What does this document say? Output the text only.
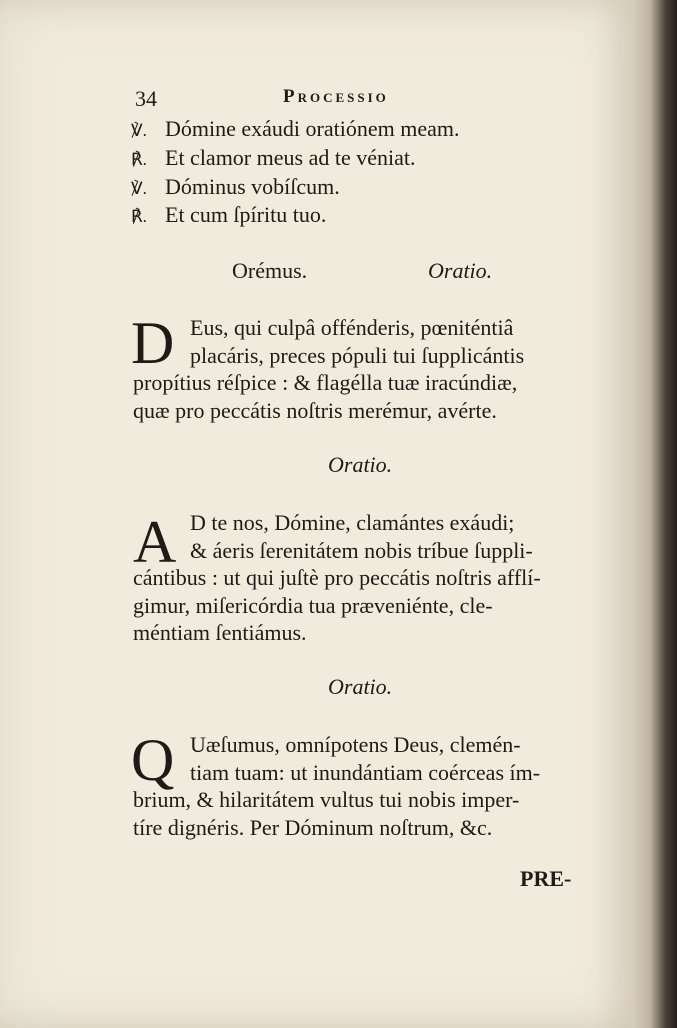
34	Processio
℣. Dómine exáudi oratiónem meam.
℟. Et clamor meus ad te véniat.
℣. Dóminus vobíſcum.
℟. Et cum ſpíritu tuo.
Orémus.	Oratio.
D Eus, qui culpâ offénderis, pœniténtiâ
placáris, preces pópuli tui ſupplicántis
propítius réſpice : & flagélla tuæ iracúndiæ,
quæ pro peccátis noſtris merémur, avérte.
Oratio.
A D te nos, Dómine, clamántes exáudi;
& áeris ſerenitátem nobis tríbue ſuppli-
cántibus : ut qui juſtè pro peccátis noſtris afflí-
gimur, miſericórdia tua præveniénte, cle-
méntiam ſentiámus.
Oratio.
Q Uæſumus, omnípotens Deus, clemén-
tiam tuam: ut inundántiam coérceas ím-
brium, & hilaritátem vultus tui nobis imper-
tíre dignéris. Per Dóminum noſtrum, &c.
PRE-
